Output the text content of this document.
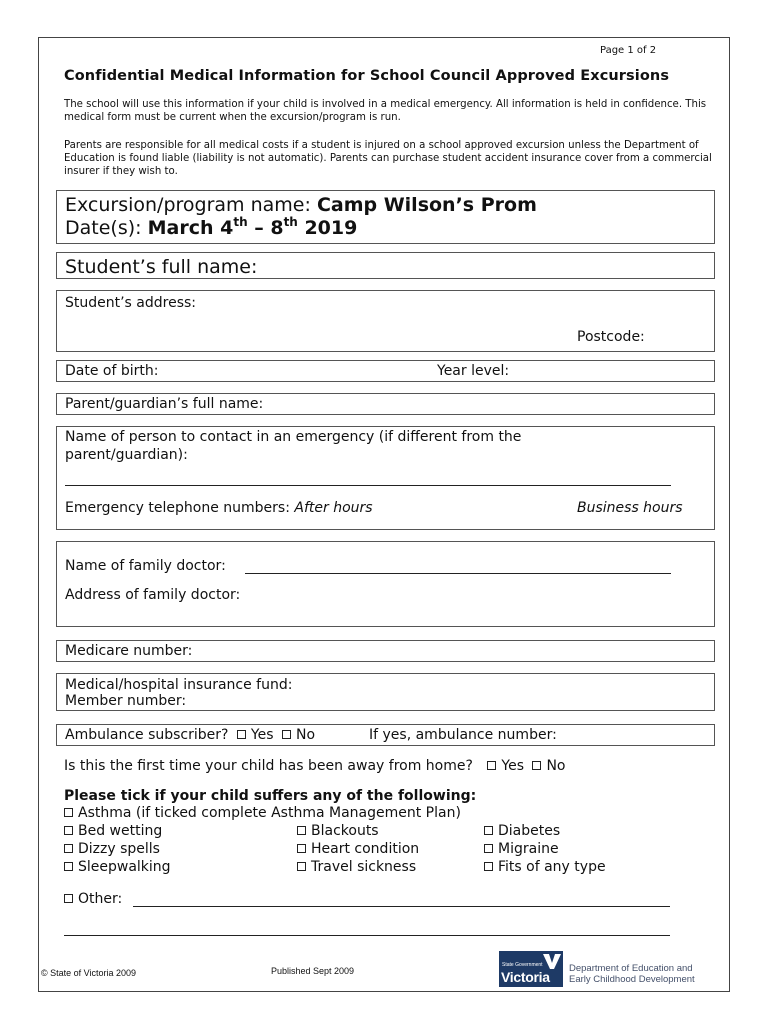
Page 1 of 2
Confidential Medical Information for School Council Approved Excursions
The school will use this information if your child is involved in a medical emergency. All information is held in confidence. This medical form must be current when the excursion/program is run.
Parents are responsible for all medical costs if a student is injured on a school approved excursion unless the Department of Education is found liable (liability is not automatic). Parents can purchase student accident insurance cover from a commercial insurer if they wish to.
Excursion/program name: Camp Wilson’s Prom
Date(s): March 4th – 8th 2019
Student’s full name:
Student’s address:
Postcode:
Date of birth:	Year level:
Parent/guardian’s full name:
Name of person to contact in an emergency (if different from the
parent/guardian):
Emergency telephone numbers: After hours	Business hours
Name of family doctor:
Address of family doctor:
Medicare number:
Medical/hospital insurance fund:
Member number:
Ambulance subscriber? Yes No	If yes, ambulance number:
Is this the first time your child has been away from home? Yes No
Please tick if your child suffers any of the following:
Asthma (if ticked complete Asthma Management Plan)
Bed wetting	Blackouts	Diabetes
Dizzy spells	Heart condition	Migraine
Sleepwalking	Travel sickness	Fits of any type
Other:
© State of Victoria 2009	Published Sept 2009
State Government
Victoria
Department of Education and
Early Childhood Development
